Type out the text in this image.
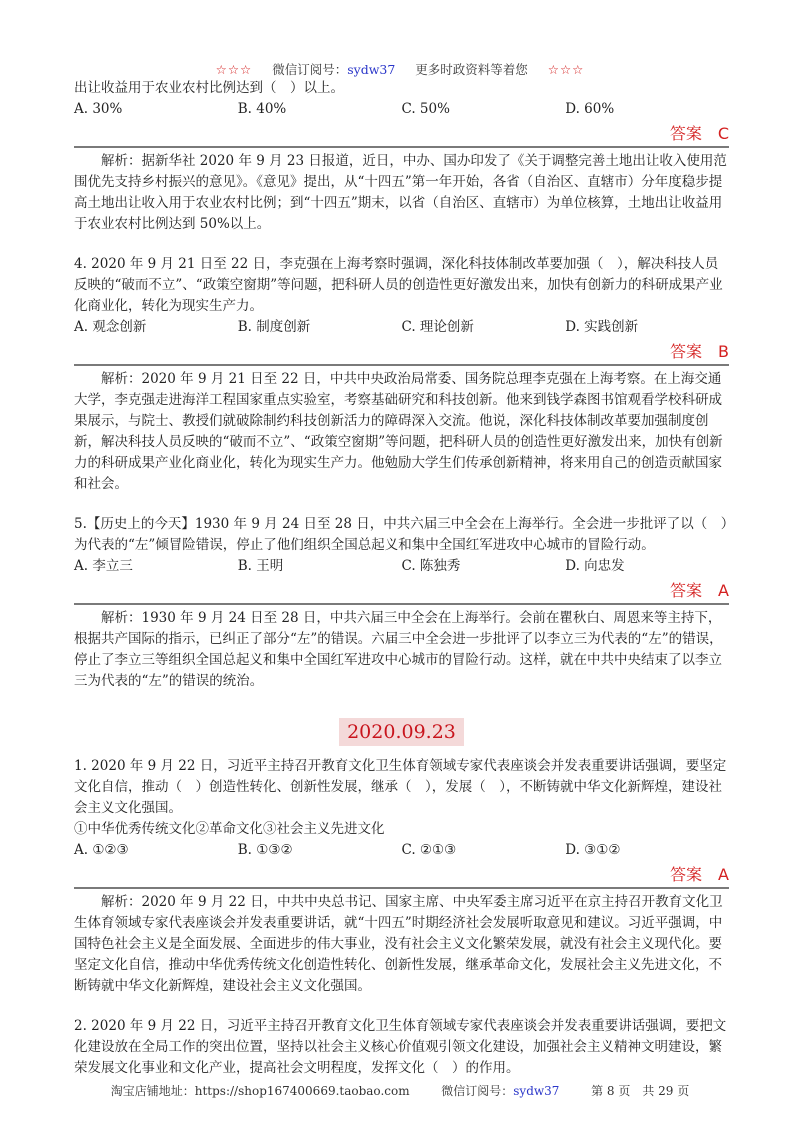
☆☆☆ 微信订阅号：sydw37 更多时政资料等着您 ☆☆☆

出让收益用于农业农村比例达到（　）以上。

A. 30%	B. 40%	C. 50%	D. 60%
答案　C

解析：据新华社 2020 年 9 月 23 日报道，近日，中办、国办印发了《关于调整完善土地出让收入使用范围优先支持乡村振兴的意见》。《意见》提出，从“十四五”第一年开始，各省（自治区、直辖市）分年度稳步提高土地出让收入用于农业农村比例；到“十四五”期末，以省（自治区、直辖市）为单位核算，土地出让收益用于农业农村比例达到 50%以上。

4. 2020 年 9 月 21 日至 22 日，李克强在上海考察时强调，深化科技体制改革要加强（　），解决科技人员反映的“破而不立”、“政策空窗期”等问题，把科研人员的创造性更好激发出来，加快有创新力的科研成果产业化商业化，转化为现实生产力。

A. 观念创新	B. 制度创新	C. 理论创新	D. 实践创新
答案　B

解析：2020 年 9 月 21 日至 22 日，中共中央政治局常委、国务院总理李克强在上海考察。在上海交通大学，李克强走进海洋工程国家重点实验室，考察基础研究和科技创新。他来到钱学森图书馆观看学校科研成果展示，与院士、教授们就破除制约科技创新活力的障碍深入交流。他说，深化科技体制改革要加强制度创新，解决科技人员反映的“破而不立”、“政策空窗期”等问题，把科研人员的创造性更好激发出来，加快有创新力的科研成果产业化商业化，转化为现实生产力。他勉励大学生们传承创新精神，将来用自己的创造贡献国家和社会。

5.【历史上的今天】1930 年 9 月 24 日至 28 日，中共六届三中全会在上海举行。全会进一步批评了以（　）为代表的“左”倾冒险错误，停止了他们组织全国总起义和集中全国红军进攻中心城市的冒险行动。

A. 李立三	B. 王明	C. 陈独秀	D. 向忠发
答案　A

解析：1930 年 9 月 24 日至 28 日，中共六届三中全会在上海举行。会前在瞿秋白、周恩来等主持下，根据共产国际的指示，已纠正了部分“左”的错误。六届三中全会进一步批评了以李立三为代表的“左”的错误，停止了李立三等组织全国总起义和集中全国红军进攻中心城市的冒险行动。这样，就在中共中央结束了以李立三为代表的“左”的错误的统治。

2020.09.23

1. 2020 年 9 月 22 日，习近平主持召开教育文化卫生体育领域专家代表座谈会并发表重要讲话强调，要坚定文化自信，推动（　）创造性转化、创新性发展，继承（　），发展（　），不断铸就中华文化新辉煌，建设社会主义文化强国。

①中华优秀传统文化②革命文化③社会主义先进文化

A. ①②③	B. ①③②	C. ②①③	D. ③①②
答案　A

解析：2020 年 9 月 22 日，中共中央总书记、国家主席、中央军委主席习近平在京主持召开教育文化卫生体育领域专家代表座谈会并发表重要讲话，就“十四五”时期经济社会发展听取意见和建议。习近平强调，中国特色社会主义是全面发展、全面进步的伟大事业，没有社会主义文化繁荣发展，就没有社会主义现代化。要坚定文化自信，推动中华优秀传统文化创造性转化、创新性发展，继承革命文化，发展社会主义先进文化，不断铸就中华文化新辉煌，建设社会主义文化强国。

2. 2020 年 9 月 22 日，习近平主持召开教育文化卫生体育领域专家代表座谈会并发表重要讲话强调，要把文化建设放在全局工作的突出位置，坚持以社会主义核心价值观引领文化建设，加强社会主义精神文明建设，繁荣发展文化事业和文化产业，提高社会文明程度，发挥文化（　）的作用。

淘宝店铺地址：https://shop167400669.taobao.com	微信订阅号：sydw37	第 8 页　共 29 页
